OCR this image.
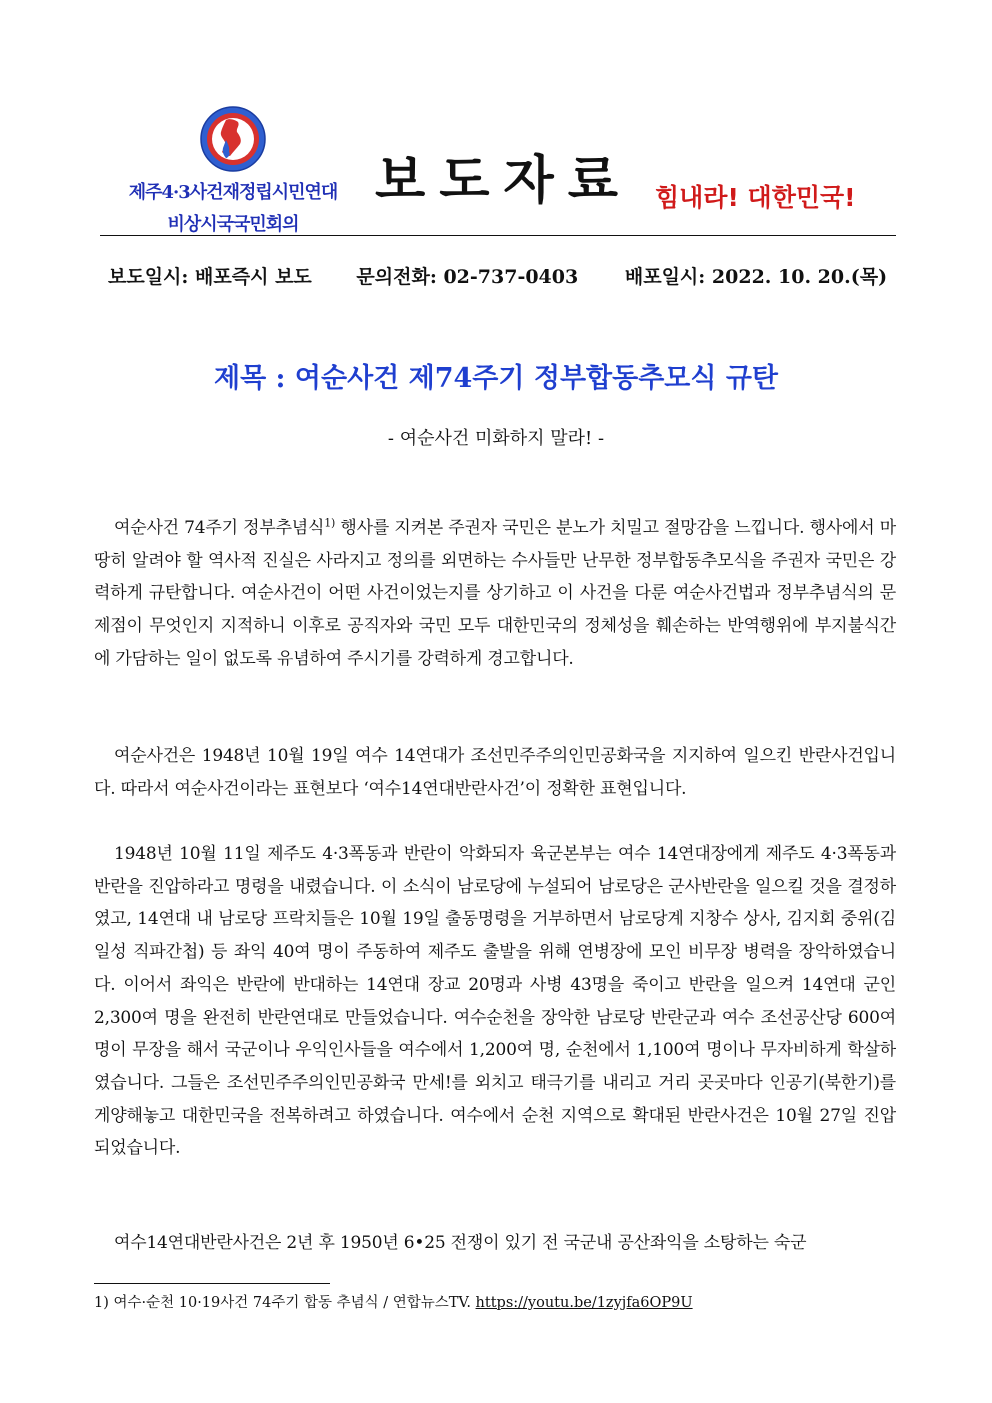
제주4·3사건재정립시민연대
비상시국국민회의
보도자료 힘내라! 대한민국!
보도일시: 배포즉시 보도 문의전화: 02-737-0403 배포일시: 2022. 10. 20.(목)
제목 : 여순사건 제74주기 정부합동추모식 규탄
- 여순사건 미화하지 말라! -
여순사건 74주기 정부추념식$^{1)}$ 행사를 지켜본 주권자 국민은 분노가 치밀고 절망감을 느낍니다. 행사에서 마땅히 알려야 할 역사적 진실은 사라지고 정의를 외면하는 수사들만 난무한 정부합동추모식을 주권자 국민은 강력하게 규탄합니다. 여순사건이 어떤 사건이었는지를 상기하고 이 사건을 다룬 여순사건법과 정부추념식의 문제점이 무엇인지 지적하니 이후로 공직자와 국민 모두 대한민국의 정체성을 훼손하는 반역행위에 부지불식간에 가담하는 일이 없도록 유념하여 주시기를 강력하게 경고합니다.
여순사건은 1948년 10월 19일 여수 14연대가 조선민주주의인민공화국을 지지하여 일으킨 반란사건입니다. 따라서 여순사건이라는 표현보다 ‘여수14연대반란사건’이 정확한 표현입니다.
1948년 10월 11일 제주도 4·3폭동과 반란이 악화되자 육군본부는 여수 14연대장에게 제주도 4·3폭동과 반란을 진압하라고 명령을 내렸습니다. 이 소식이 남로당에 누설되어 남로당은 군사반란을 일으킬 것을 결정하였고, 14연대 내 남로당 프락치들은 10월 19일 출동명령을 거부하면서 남로당계 지창수 상사, 김지회 중위(김일성 직파간첩) 등 좌익 40여 명이 주동하여 제주도 출발을 위해 연병장에 모인 비무장 병력을 장악하였습니다. 이어서 좌익은 반란에 반대하는 14연대 장교 20명과 사병 43명을 죽이고 반란을 일으켜 14연대 군인 2,300여 명을 완전히 반란연대로 만들었습니다. 여수순천을 장악한 남로당 반란군과 여수 조선공산당 600여 명이 무장을 해서 국군이나 우익인사들을 여수에서 1,200여 명, 순천에서 1,100여 명이나 무자비하게 학살하였습니다. 그들은 조선민주주의인민공화국 만세!를 외치고 태극기를 내리고 거리 곳곳마다 인공기(북한기)를 게양해놓고 대한민국을 전복하려고 하였습니다. 여수에서 순천 지역으로 확대된 반란사건은 10월 27일 진압되었습니다.
여수14연대반란사건은 2년 후 1950년 6•25 전쟁이 있기 전 국군내 공산좌익을 소탕하는 숙군
1) 여수·순천 10·19사건 74주기 합동 추념식 / 연합뉴스TV. https://youtu.be/1zyjfa6OP9U
